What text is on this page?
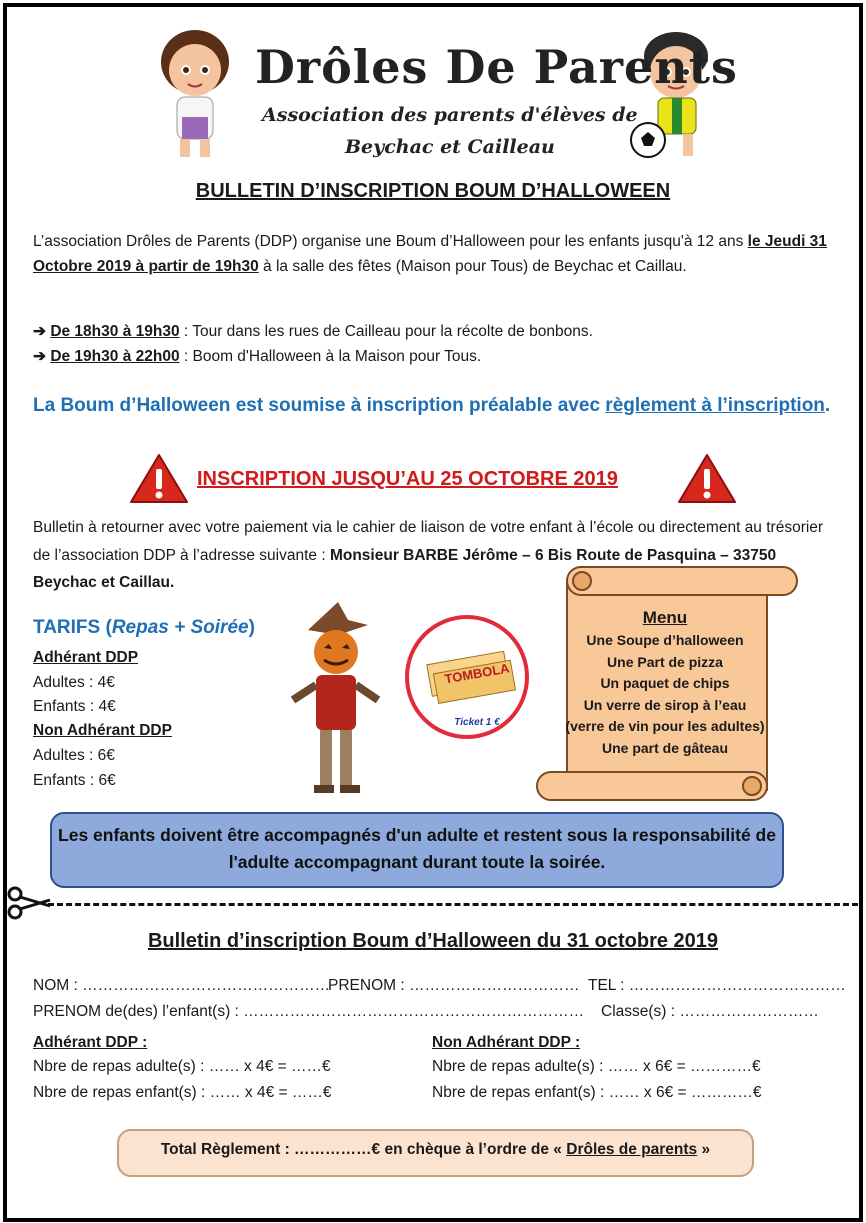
Drôles De Parents
Association des parents d'élèves de
Beychac et Cailleau
BULLETIN D’INSCRIPTION BOUM D’HALLOWEEN
L’association Drôles de Parents (DDP) organise une Boum d’Halloween pour les enfants jusqu'à 12 ans le Jeudi 31 Octobre 2019 à partir de 19h30 à la salle des fêtes (Maison pour Tous) de Beychac et Caillau.
➔ De 18h30 à 19h30 : Tour dans les rues de Cailleau pour la récolte de bonbons.
➔ De 19h30 à 22h00 : Boom d'Halloween à la Maison pour Tous.
La Boum d’Halloween est soumise à inscription préalable avec règlement à l’inscription.
INSCRIPTION JUSQU’AU 25 OCTOBRE 2019
Bulletin à retourner avec votre paiement via le cahier de liaison de votre enfant à l’école ou directement au trésorier de l’association DDP à l’adresse suivante : Monsieur BARBE Jérôme – 6 Bis Route de Pasquina – 33750 Beychac et Caillau.
TARIFS (Repas + Soirée)
Adhérant DDP
Adultes : 4€
Enfants : 4€
Non Adhérant DDP
Adultes : 6€
Enfants : 6€
TOMBOLA
Ticket 1 €
Menu
Une Soupe d’halloween
Une Part de pizza
Un paquet de chips
Un verre de sirop à l’eau (verre de vin pour les adultes)
Une part de gâteau
Les enfants doivent être accompagnés d'un adulte et restent sous la responsabilité de l'adulte accompagnant durant toute la soirée.
Bulletin d’inscription Boum d’Halloween du 31 octobre 2019
NOM : …………………………………………
PRENOM : …………………………… TEL : ……………………………………
PRENOM de(des) l’enfant(s) : ………………………………………………………… Classe(s) : ………………………
Adhérant DDP :
Nbre de repas adulte(s) : …… x 4€ = ……€
Nbre de repas enfant(s) : …… x 4€ = ……€
Non Adhérant DDP :
Nbre de repas adulte(s) : …… x 6€ = …………€
Nbre de repas enfant(s) : …… x 6€ = …………€
Total Règlement : ……………€ en chèque à l’ordre de « Drôles de parents »
